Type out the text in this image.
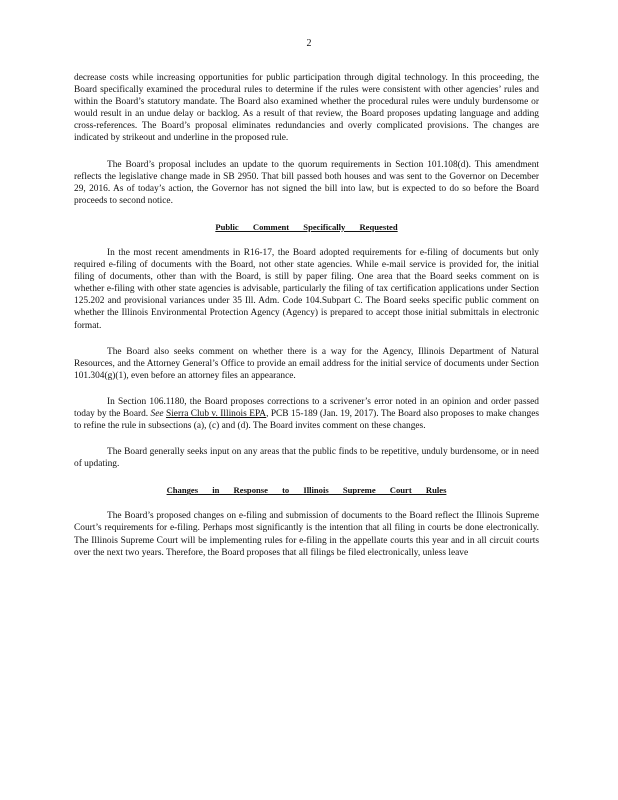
2

decrease costs while increasing opportunities for public participation through digital technology. In this proceeding, the Board specifically examined the procedural rules to determine if the rules were consistent with other agencies’ rules and within the Board’s statutory mandate. The Board also examined whether the procedural rules were unduly burdensome or would result in an undue delay or backlog. As a result of that review, the Board proposes updating language and adding cross-references. The Board’s proposal eliminates redundancies and overly complicated provisions. The changes are indicated by strikeout and underline in the proposed rule.

The Board’s proposal includes an update to the quorum requirements in Section 101.108(d). This amendment reflects the legislative change made in SB 2950. That bill passed both houses and was sent to the Governor on December 29, 2016. As of today’s action, the Governor has not signed the bill into law, but is expected to do so before the Board proceeds to second notice.

Public Comment Specifically Requested

In the most recent amendments in R16-17, the Board adopted requirements for e-filing of documents but only required e-filing of documents with the Board, not other state agencies. While e-mail service is provided for, the initial filing of documents, other than with the Board, is still by paper filing. One area that the Board seeks comment on is whether e-filing with other state agencies is advisable, particularly the filing of tax certification applications under Section 125.202 and provisional variances under 35 Ill. Adm. Code 104.Subpart C. The Board seeks specific public comment on whether the Illinois Environmental Protection Agency (Agency) is prepared to accept those initial submittals in electronic format.

The Board also seeks comment on whether there is a way for the Agency, Illinois Department of Natural Resources, and the Attorney General’s Office to provide an email address for the initial service of documents under Section 101.304(g)(1), even before an attorney files an appearance.

In Section 106.1180, the Board proposes corrections to a scrivener’s error noted in an opinion and order passed today by the Board. See Sierra Club v. Illinois EPA, PCB 15-189 (Jan. 19, 2017). The Board also proposes to make changes to refine the rule in subsections (a), (c) and (d). The Board invites comment on these changes.

The Board generally seeks input on any areas that the public finds to be repetitive, unduly burdensome, or in need of updating.

Changes in Response to Illinois Supreme Court Rules

The Board’s proposed changes on e-filing and submission of documents to the Board reflect the Illinois Supreme Court’s requirements for e-filing. Perhaps most significantly is the intention that all filing in courts be done electronically. The Illinois Supreme Court will be implementing rules for e-filing in the appellate courts this year and in all circuit courts over the next two years. Therefore, the Board proposes that all filings be filed electronically, unless leave
